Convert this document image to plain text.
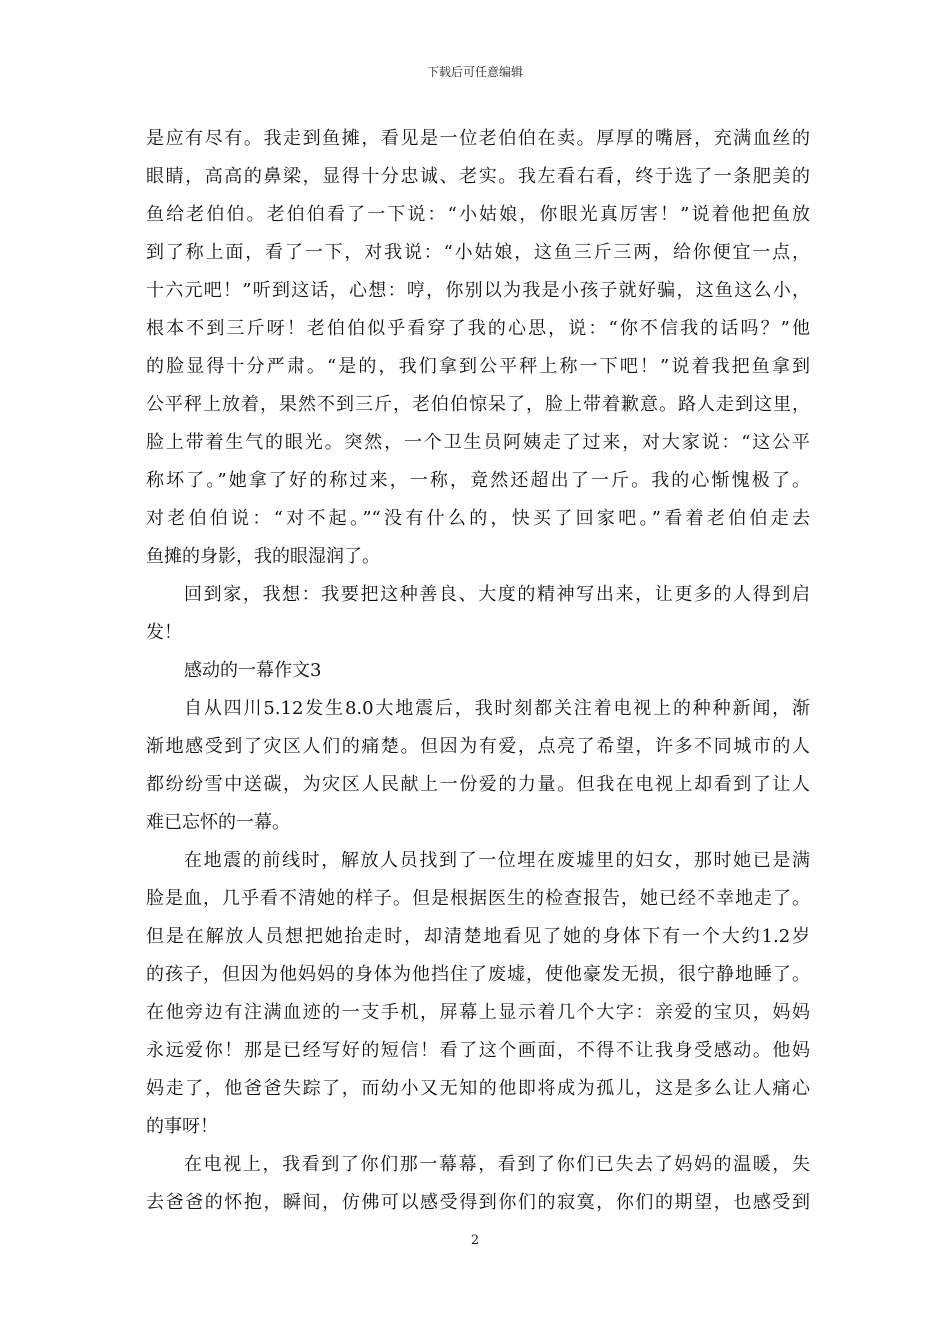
下载后可任意编辑
是应有尽有。我走到鱼摊，看见是一位老伯伯在卖。厚厚的嘴唇，充满血丝的
眼睛，高高的鼻梁，显得十分忠诚、老实。我左看右看，终于选了一条肥美的
鱼给老伯伯。老伯伯看了一下说：“小姑娘，你眼光真厉害！”说着他把鱼放
到了称上面，看了一下，对我说：“小姑娘，这鱼三斤三两，给你便宜一点，
十六元吧！”听到这话，心想：哼，你别以为我是小孩子就好骗，这鱼这么小，
根本不到三斤呀！老伯伯似乎看穿了我的心思，说：“你不信我的话吗？”他
的脸显得十分严肃。“是的，我们拿到公平秤上称一下吧！”说着我把鱼拿到
公平秤上放着，果然不到三斤，老伯伯惊呆了，脸上带着歉意。路人走到这里，
脸上带着生气的眼光。突然，一个卫生员阿姨走了过来，对大家说：“这公平
称坏了。”她拿了好的称过来，一称，竟然还超出了一斤。我的心惭愧极了。
对老伯伯说：“对不起。”“没有什么的，快买了回家吧。”看着老伯伯走去
鱼摊的身影，我的眼湿润了。
回到家，我想：我要把这种善良、大度的精神写出来，让更多的人得到启
发！
感动的一幕作文3
自从四川5.12发生8.0大地震后，我时刻都关注着电视上的种种新闻，渐
渐地感受到了灾区人们的痛楚。但因为有爱，点亮了希望，许多不同城市的人
都纷纷雪中送碳，为灾区人民献上一份爱的力量。但我在电视上却看到了让人
难已忘怀的一幕。
在地震的前线时，解放人员找到了一位埋在废墟里的妇女，那时她已是满
脸是血，几乎看不清她的样子。但是根据医生的检查报告，她已经不幸地走了。
但是在解放人员想把她抬走时，却清楚地看见了她的身体下有一个大约1.2岁
的孩子，但因为他妈妈的身体为他挡住了废墟，使他豪发无损，很宁静地睡了。
在他旁边有注满血迹的一支手机，屏幕上显示着几个大字：亲爱的宝贝，妈妈
永远爱你！那是已经写好的短信！看了这个画面，不得不让我身受感动。他妈
妈走了，他爸爸失踪了，而幼小又无知的他即将成为孤儿，这是多么让人痛心
的事呀！
在电视上，我看到了你们那一幕幕，看到了你们已失去了妈妈的温暖，失
去爸爸的怀抱，瞬间，仿佛可以感受得到你们的寂寞，你们的期望，也感受到
2
